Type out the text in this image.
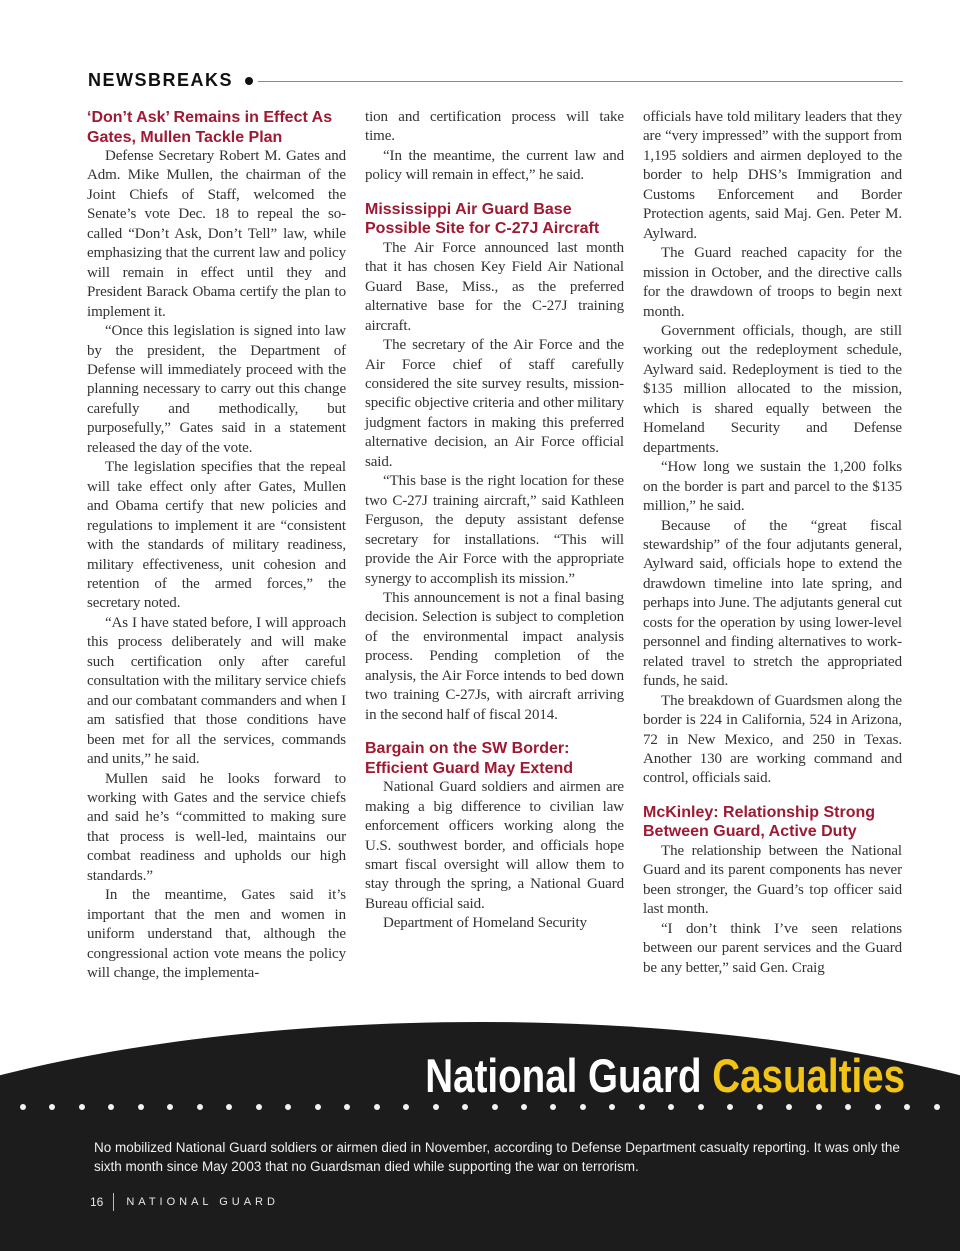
NEWSBREAKS
‘Don’t Ask’ Remains in Effect As Gates, Mullen Tackle Plan

Defense Secretary Robert M. Gates and Adm. Mike Mullen, the chairman of the Joint Chiefs of Staff, welcomed the Senate’s vote Dec. 18 to repeal the so-called “Don’t Ask, Don’t Tell” law, while emphasizing that the current law and policy will remain in effect until they and President Barack Obama certify the plan to implement it.

“Once this legislation is signed into law by the president, the Department of Defense will immediately proceed with the planning necessary to carry out this change carefully and methodically, but purposefully,” Gates said in a statement released the day of the vote.

The legislation specifies that the repeal will take effect only after Gates, Mullen and Obama certify that new policies and regulations to implement it are “consistent with the standards of military readiness, military effectiveness, unit cohesion and retention of the armed forces,” the secretary noted.

“As I have stated before, I will approach this process deliberately and will make such certification only after careful consultation with the military service chiefs and our combatant commanders and when I am satisfied that those conditions have been met for all the services, commands and units,” he said.

Mullen said he looks forward to working with Gates and the service chiefs and said he’s “committed to making sure that process is well-led, maintains our combat readiness and upholds our high standards.”

In the meantime, Gates said it’s important that the men and women in uniform understand that, although the congressional action vote means the policy will change, the implementa-

tion and certification process will take time.

“In the meantime, the current law and policy will remain in effect,” he said.

Mississippi Air Guard Base Possible Site for C-27J Aircraft

The Air Force announced last month that it has chosen Key Field Air National Guard Base, Miss., as the preferred alternative base for the C-27J training aircraft.

The secretary of the Air Force and the Air Force chief of staff carefully considered the site survey results, mission-specific objective criteria and other military judgment factors in making this preferred alternative decision, an Air Force official said.

“This base is the right location for these two C-27J training aircraft,” said Kathleen Ferguson, the deputy assistant defense secretary for installations. “This will provide the Air Force with the appropriate synergy to accomplish its mission.”

This announcement is not a final basing decision. Selection is subject to completion of the environmental impact analysis process. Pending completion of the analysis, the Air Force intends to bed down two training C-27Js, with aircraft arriving in the second half of fiscal 2014.

Bargain on the SW Border: Efficient Guard May Extend

National Guard soldiers and airmen are making a big difference to civilian law enforcement officers working along the U.S. southwest border, and officials hope smart fiscal oversight will allow them to stay through the spring, a National Guard Bureau official said.

Department of Homeland Security

officials have told military leaders that they are “very impressed” with the support from 1,195 soldiers and airmen deployed to the border to help DHS’s Immigration and Customs Enforcement and Border Protection agents, said Maj. Gen. Peter M. Aylward.

The Guard reached capacity for the mission in October, and the directive calls for the drawdown of troops to begin next month.

Government officials, though, are still working out the redeployment schedule, Aylward said. Redeployment is tied to the $135 million allocated to the mission, which is shared equally between the Homeland Security and Defense departments.

“How long we sustain the 1,200 folks on the border is part and parcel to the $135 million,” he said.

Because of the “great fiscal stewardship” of the four adjutants general, Aylward said, officials hope to extend the drawdown timeline into late spring, and perhaps into June. The adjutants general cut costs for the operation by using lower-level personnel and finding alternatives to work-related travel to stretch the appropriated funds, he said.

The breakdown of Guardsmen along the border is 224 in California, 524 in Arizona, 72 in New Mexico, and 250 in Texas. Another 130 are working command and control, officials said.

McKinley: Relationship Strong Between Guard, Active Duty

The relationship between the National Guard and its parent components has never been stronger, the Guard’s top officer said last month.

“I don’t think I’ve seen relations between our parent services and the Guard be any better,” said Gen. Craig

National Guard Casualties
No mobilized National Guard soldiers or airmen died in November, according to Defense Department casualty reporting. It was only the sixth month since May 2003 that no Guardsman died while supporting the war on terrorism.
16 NATIONAL GUARD
